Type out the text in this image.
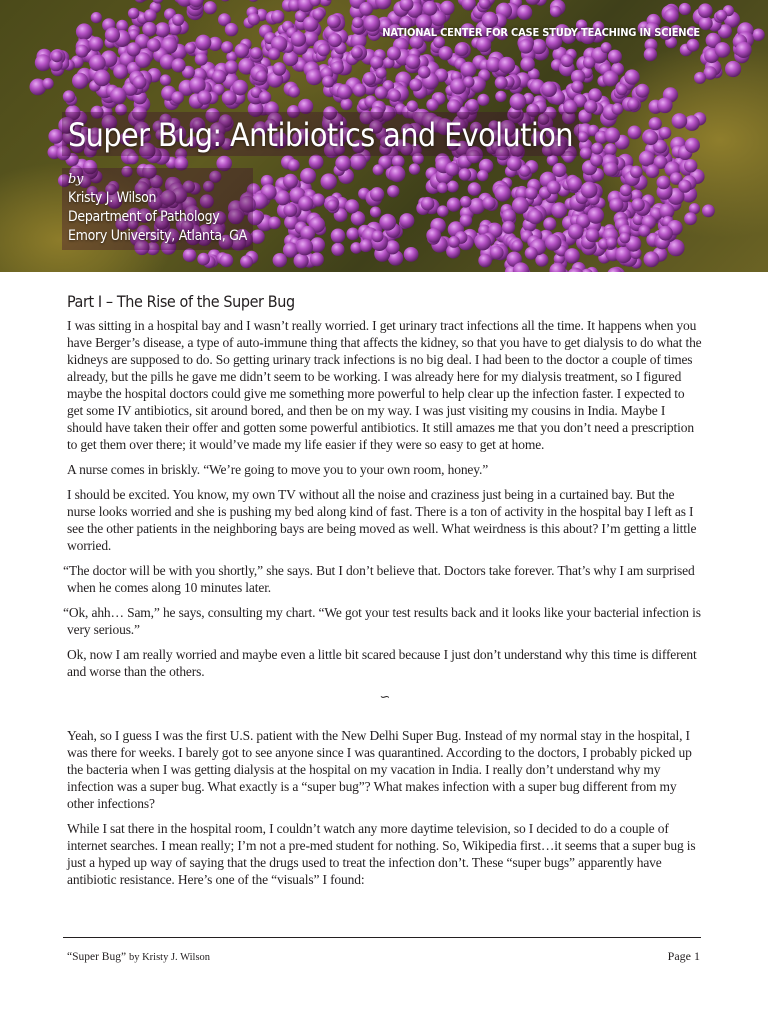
NATIONAL CENTER FOR CASE STUDY TEACHING IN SCIENCE
Super Bug: Antibiotics and Evolution
by
Kristy J. Wilson
Department of Pathology
Emory University, Atlanta, GA
Part I – The Rise of the Super Bug

I was sitting in a hospital bay and I wasn’t really worried. I get urinary tract infections all the time. It happens when you have Berger’s disease, a type of auto-immune thing that affects the kidney, so that you have to get dialysis to do what the kidneys are supposed to do. So getting urinary track infections is no big deal. I had been to the doctor a couple of times already, but the pills he gave me didn’t seem to be working. I was already here for my dialysis treatment, so I figured maybe the hospital doctors could give me something more powerful to help clear up the infection faster. I expected to get some IV antibiotics, sit around bored, and then be on my way. I was just visiting my cousins in India. Maybe I should have taken their offer and gotten some powerful antibiotics. It still amazes me that you don’t need a prescription to get them over there; it would’ve made my life easier if they were so easy to get at home.

A nurse comes in briskly. “We’re going to move you to your own room, honey.”

I should be excited. You know, my own TV without all the noise and craziness just being in a curtained bay. But the nurse looks worried and she is pushing my bed along kind of fast. There is a ton of activity in the hospital bay I left as I see the other patients in the neighboring bays are being moved as well. What weirdness is this about? I’m getting a little worried.

“The doctor will be with you shortly,” she says. But I don’t believe that. Doctors take forever. That’s why I am surprised when he comes along 10 minutes later.

“Ok, ahh… Sam,” he says, consulting my chart. “We got your test results back and it looks like your bacterial infection is very serious.”

Ok, now I am really worried and maybe even a little bit scared because I just don’t understand why this time is different and worse than the others.

∽

Yeah, so I guess I was the first U.S. patient with the New Delhi Super Bug. Instead of my normal stay in the hospital, I was there for weeks. I barely got to see anyone since I was quarantined. According to the doctors, I probably picked up the bacteria when I was getting dialysis at the hospital on my vacation in India. I really don’t understand why my infection was a super bug. What exactly is a “super bug”? What makes infection with a super bug different from my other infections?

While I sat there in the hospital room, I couldn’t watch any more daytime television, so I decided to do a couple of internet searches. I mean really; I’m not a pre-med student for nothing. So, Wikipedia first…it seems that a super bug is just a hyped up way of saying that the drugs used to treat the infection don’t. These “super bugs” apparently have antibiotic resistance. Here’s one of the “visuals” I found:

“Super Bug” by Kristy J. Wilson	Page 1
